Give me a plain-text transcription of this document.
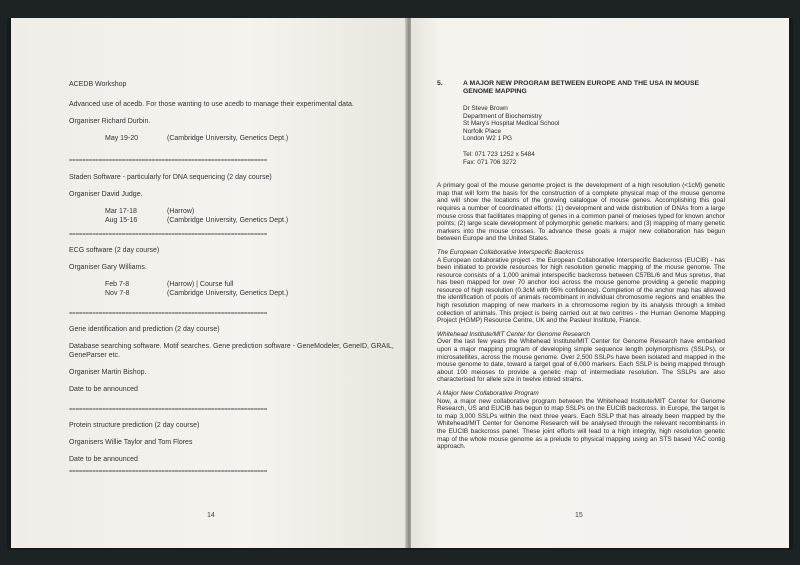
ACEDB Workshop

Advanced use of acedb. For those wanting to use acedb to manage their experimental data.

Organiser Richard Durbin.

May 19-20	(Cambridge University, Genetics Dept.)
============================================================

Staden Software - particularly for DNA sequencing (2 day course)

Organiser David Judge.

Mar 17-18	(Harrow)
Aug 15-16	(Cambridge University, Genetics Dept.)
============================================================

ECG software (2 day course)

Organiser Gary Williams.

Feb 7-8	(Harrow) | Course full
Nov 7-8	(Cambridge University, Genetics Dept.)
============================================================

Gene identification and prediction (2 day course)

Database searching software. Motif searches. Gene prediction software - GeneModeler, GeneID, GRAIL, GeneParser etc.

Organiser Martin Bishop.

Date to be announced

============================================================

Protein structure prediction (2 day course)

Organisers Willie Taylor and Tom Flores

Date to be announced

============================================================
14
5.	A MAJOR NEW PROGRAM BETWEEN EUROPE AND THE USA IN MOUSE GENOME MAPPING
Dr Steve Brown
Department of Biochemistry
St Mary's Hospital Medical School
Norfolk Place
London W2 1 PG
Tel: 071 723 1252 x 5484
Fax: 071 706 3272

A primary goal of the mouse genome project is the development of a high resolution (<1cM) genetic map that will form the basis for the construction of a complete physical map of the mouse genome and will show the locations of the growing catalogue of mouse genes. Accomplishing this goal requires a number of coordinated efforts: (1) development and wide distribution of DNAs from a large mouse cross that facilitates mapping of genes in a common panel of meioses typed for known anchor points; (2) large scale development of polymorphic genetic markers; and (3) mapping of many genetic markers into the mouse crosses. To advance these goals a major new collaboration has begun between Europe and the United States.

The European Collaborative Interspecific Backcross

A European collaborative project - the European Collaborative Interspecific Backcross (EUCIB) - has been initiated to provide resources for high resolution genetic mapping of the mouse genome. The resource consists of a 1,000 animal interspecific backcross between C57BL/6 and Mus spretus, that has been mapped for over 70 anchor loci across the mouse genome providing a genetic mapping resource of high resolution (0.3cM with 95% confidence). Completion of the anchor map has allowed the identification of pools of animals recombinant in individual chromosome regions and enables the high resolution mapping of new markers in a chromosome region by its analysis through a limited collection of animals. This project is being carried out at two centres - the Human Genome Mapping Project (HGMP) Resource Centre, UK and the Pasteur Institute, France.

Whitehead Institute/MIT Center for Genome Research

Over the last few years the Whitehead Institute/MIT Center for Genome Research have embarked upon a major mapping program of developing simple sequence length polymorphisms (SSLPs), or microsatellites, across the mouse genome. Over 2,500 SSLPs have been isolated and mapped in the mouse genome to date, toward a target goal of 6,000 markers. Each SSLP is being mapped through about 100 meioses to provide a genetic map of intermediate resolution. The SSLPs are also characterised for allele size in twelve inbred strains.

A Major New Collaborative Program

Now, a major new collaborative program between the Whitehead Institute/MIT Center for Genome Research, US and EUCIB has begun to map SSLPs on the EUCIB backcross. In Europe, the target is to map 3,000 SSLPs within the next three years. Each SSLP that has already been mapped by the Whitehead/MIT Center for Genome Research will be analysed through the relevant recombinants in the EUCIB backcross panel. These joint efforts will lead to a high integrity, high resolution genetic map of the whole mouse genome as a prelude to physical mapping using an STS based YAC contig approach.

15
